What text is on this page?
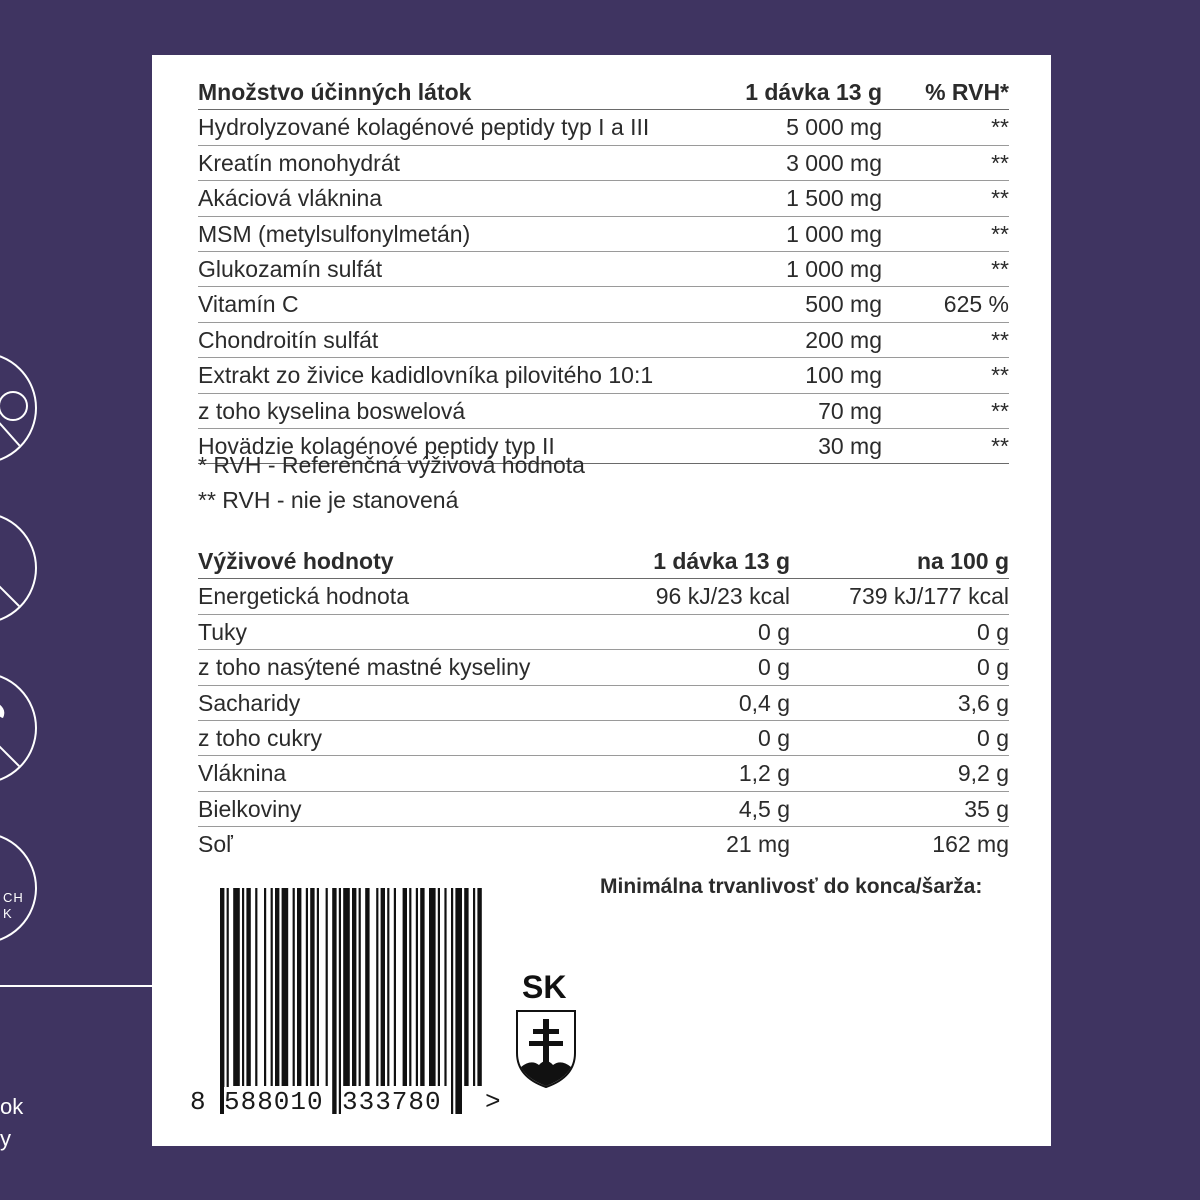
CH
K
ok
y
Množstvo účinných látok	1 dávka 13 g	% RVH*
Hydrolyzované kolagénové peptidy typ I a III	5 000 mg	**
Kreatín monohydrát	3 000 mg	**
Akáciová vláknina	1 500 mg	**
MSM (metylsulfonylmetán)	1 000 mg	**
Glukozamín sulfát	1 000 mg	**
Vitamín C	500 mg	625 %
Chondroitín sulfát	200 mg	**
Extrakt zo živice kadidlovníka pilovitého 10:1	100 mg	**
z toho kyselina boswelová	70 mg	**
Hovädzie kolagénové peptidy typ II	30 mg	**
* RVH - Referenčná výživová hodnota
** RVH - nie je stanovená
Výživové hodnoty	1 dávka 13 g	na 100 g
Energetická hodnota	96 kJ/23 kcal	739 kJ/177 kcal
Tuky	0 g	0 g
z toho nasýtené mastné kyseliny	0 g	0 g
Sacharidy	0,4 g	3,6 g
z toho cukry	0 g	0 g
Vláknina	1,2 g	9,2 g
Bielkoviny	4,5 g	35 g
Soľ	21 mg	162 mg
Minimálna trvanlivosť do konca/šarža:
8 588010 333780 >
SK
